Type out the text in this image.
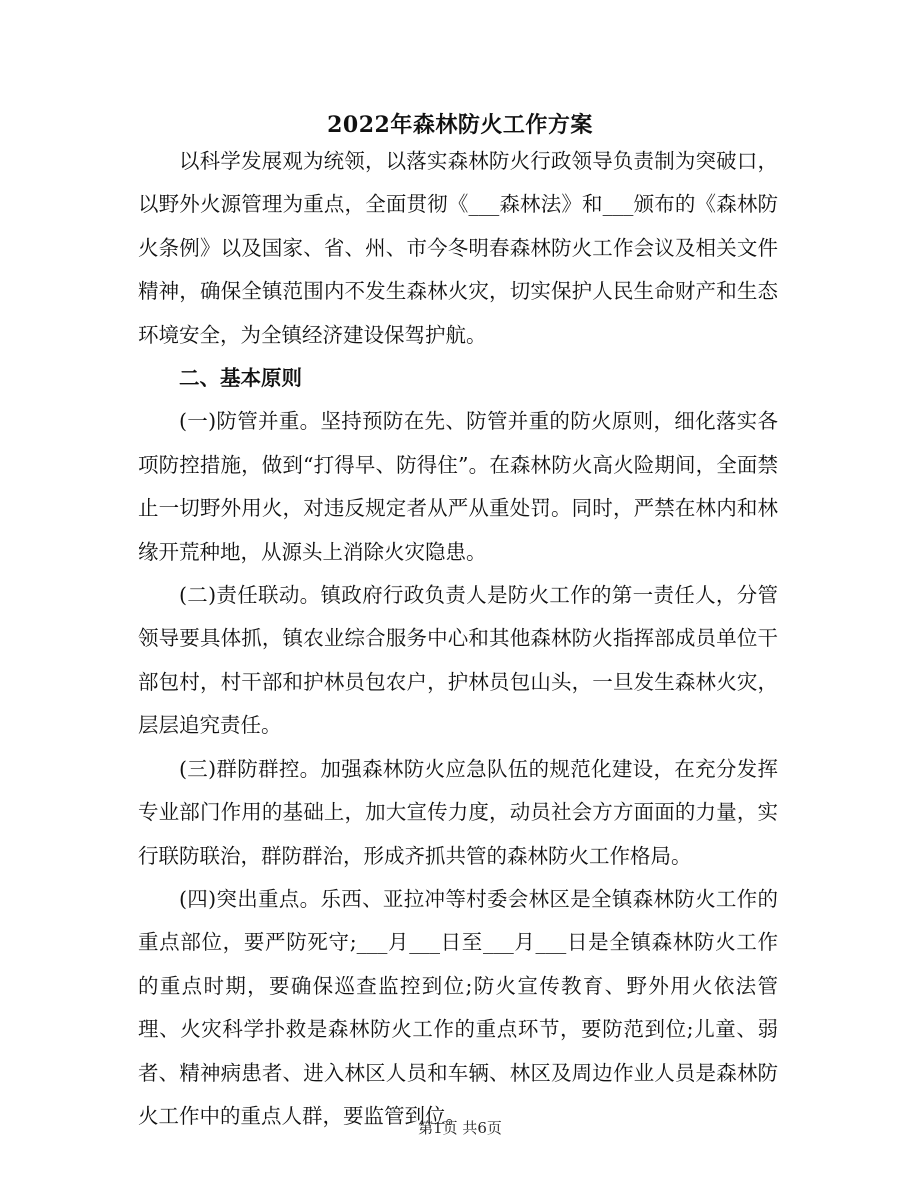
2022年森林防火工作方案

以科学发展观为统领，以落实森林防火行政领导负责制为突破口，以野外火源管理为重点，全面贯彻《___森林法》和___颁布的《森林防火条例》以及国家、省、州、市今冬明春森林防火工作会议及相关文件精神，确保全镇范围内不发生森林火灾，切实保护人民生命财产和生态环境安全，为全镇经济建设保驾护航。

二、基本原则

(一)防管并重。坚持预防在先、防管并重的防火原则，细化落实各项防控措施，做到“打得早、防得住”。在森林防火高火险期间，全面禁止一切野外用火，对违反规定者从严从重处罚。同时，严禁在林内和林缘开荒种地，从源头上消除火灾隐患。

(二)责任联动。镇政府行政负责人是防火工作的第一责任人，分管领导要具体抓，镇农业综合服务中心和其他森林防火指挥部成员单位干部包村，村干部和护林员包农户，护林员包山头，一旦发生森林火灾，层层追究责任。

(三)群防群控。加强森林防火应急队伍的规范化建设，在充分发挥专业部门作用的基础上，加大宣传力度，动员社会方方面面的力量，实行联防联治，群防群治，形成齐抓共管的森林防火工作格局。

(四)突出重点。乐西、亚拉冲等村委会林区是全镇森林防火工作的重点部位，要严防死守;___月___日至___月___日是全镇森林防火工作的重点时期，要确保巡查监控到位;防火宣传教育、野外用火依法管理、火灾科学扑救是森林防火工作的重点环节，要防范到位;儿童、弱者、精神病患者、进入林区人员和车辆、林区及周边作业人员是森林防火工作中的重点人群，要监管到位。

第1页 共6页
